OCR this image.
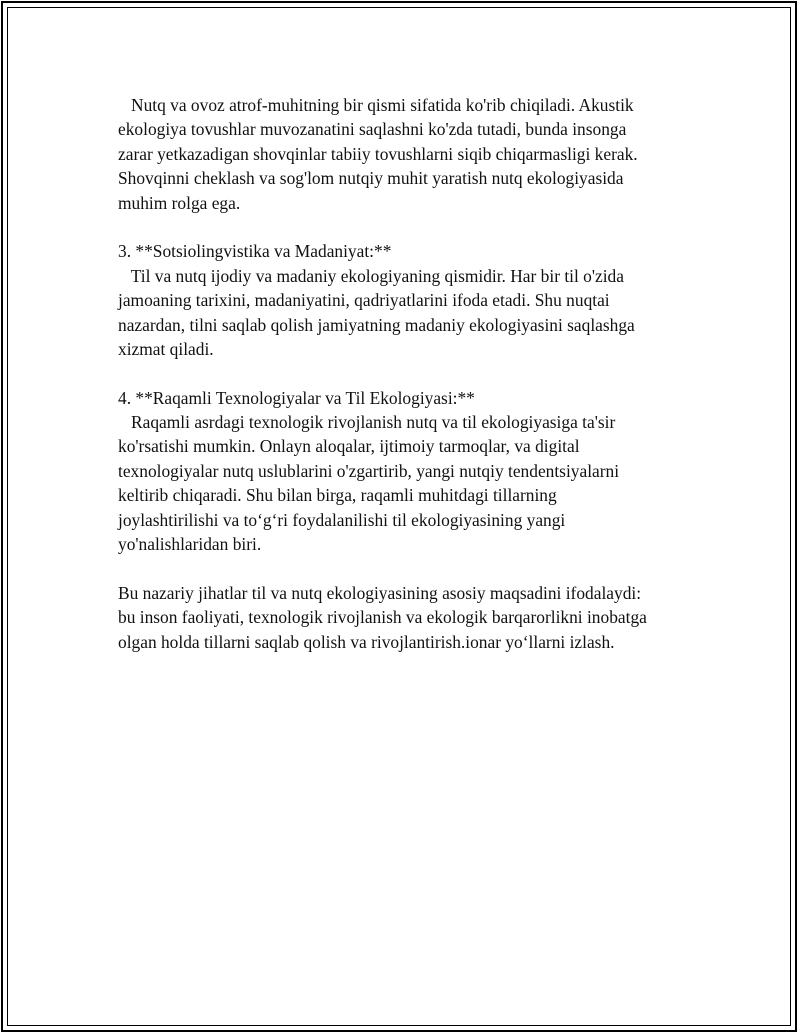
Nutq va ovoz atrof-muhitning bir qismi sifatida ko'rib chiqiladi. Akustik
ekologiya tovushlar muvozanatini saqlashni ko'zda tutadi, bunda insonga
zarar yetkazadigan shovqinlar tabiiy tovushlarni siqib chiqarmasligi kerak.
Shovqinni cheklash va sog'lom nutqiy muhit yaratish nutq ekologiyasida
muhim rolga ega.
3. **Sotsiolingvistika va Madaniyat:**
Til va nutq ijodiy va madaniy ekologiyaning qismidir. Har bir til o'zida
jamoaning tarixini, madaniyatini, qadriyatlarini ifoda etadi. Shu nuqtai
nazardan, tilni saqlab qolish jamiyatning madaniy ekologiyasini saqlashga
xizmat qiladi.
4. **Raqamli Texnologiyalar va Til Ekologiyasi:**
Raqamli asrdagi texnologik rivojlanish nutq va til ekologiyasiga ta'sir
ko'rsatishi mumkin. Onlayn aloqalar, ijtimoiy tarmoqlar, va digital
texnologiyalar nutq uslublarini o'zgartirib, yangi nutqiy tendentsiyalarni
keltirib chiqaradi. Shu bilan birga, raqamli muhitdagi tillarning
joylashtirilishi va to‘g‘ri foydalanilishi til ekologiyasining yangi
yo'nalishlaridan biri.
Bu nazariy jihatlar til va nutq ekologiyasining asosiy maqsadini ifodalaydi:
bu inson faoliyati, texnologik rivojlanish va ekologik barqarorlikni inobatga
olgan holda tillarni saqlab qolish va rivojlantirish.ionar yo‘llarni izlash.
